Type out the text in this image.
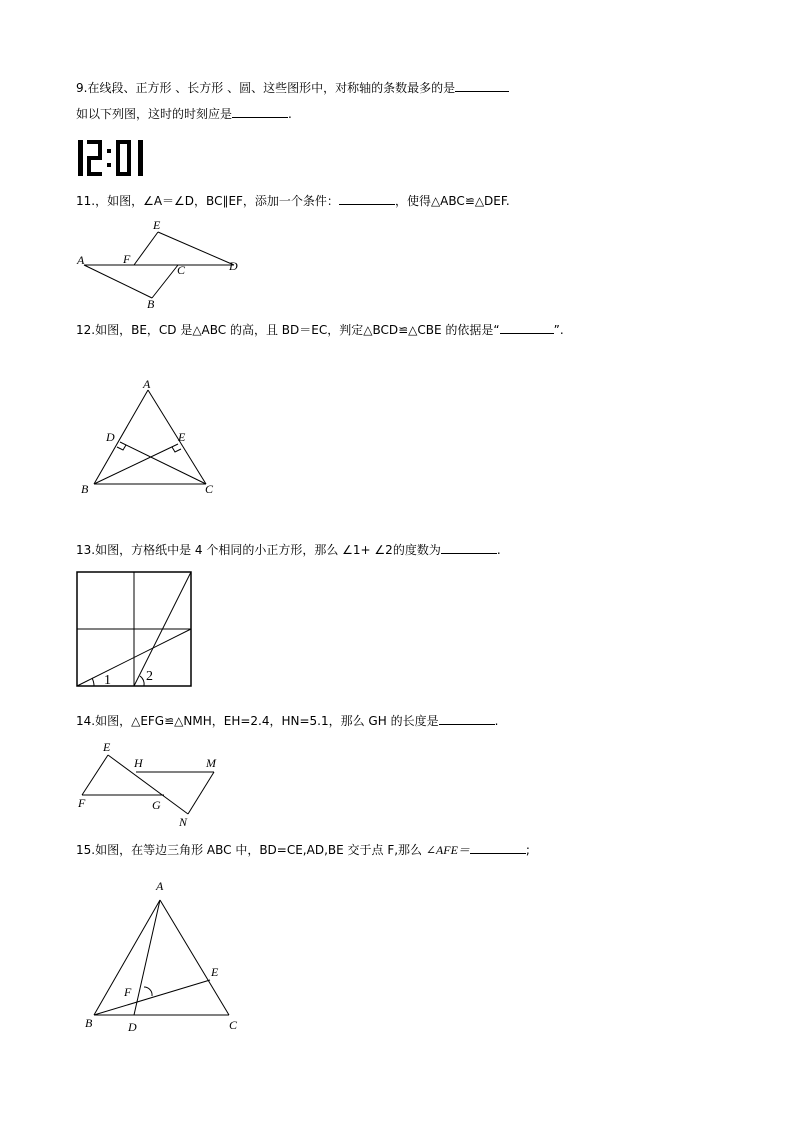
9.在线段、正方形 、长方形 、圆、这些图形中，对称轴的条数最多的是
如以下列图，这时的时刻应是	.
12:01
11.，如图，∠A＝∠D，BC∥EF，添加一个条件：	，使得△ABC≌△DEF.
A
B
C	D
E
F
12.如图，BE，CD 是△ABC 的高，且 BD＝EC，判定△BCD≌△CBE 的依据是“	”.
A
B	C
D	E
13.如图，方格纸中是 4 个相同的小正方形，那么 ∠1+ ∠2的度数为	.
1	2
14.如图，△EFG≌△NMH，EH=2.4，HN=5.1，那么 GH 的长度是	.
E
F	G
H	M
N
15.如图，在等边三角形 ABC 中，BD=CE,AD,BE 交于点 F,那么 ∠AFE＝	;
A
B	C
D
E
F
